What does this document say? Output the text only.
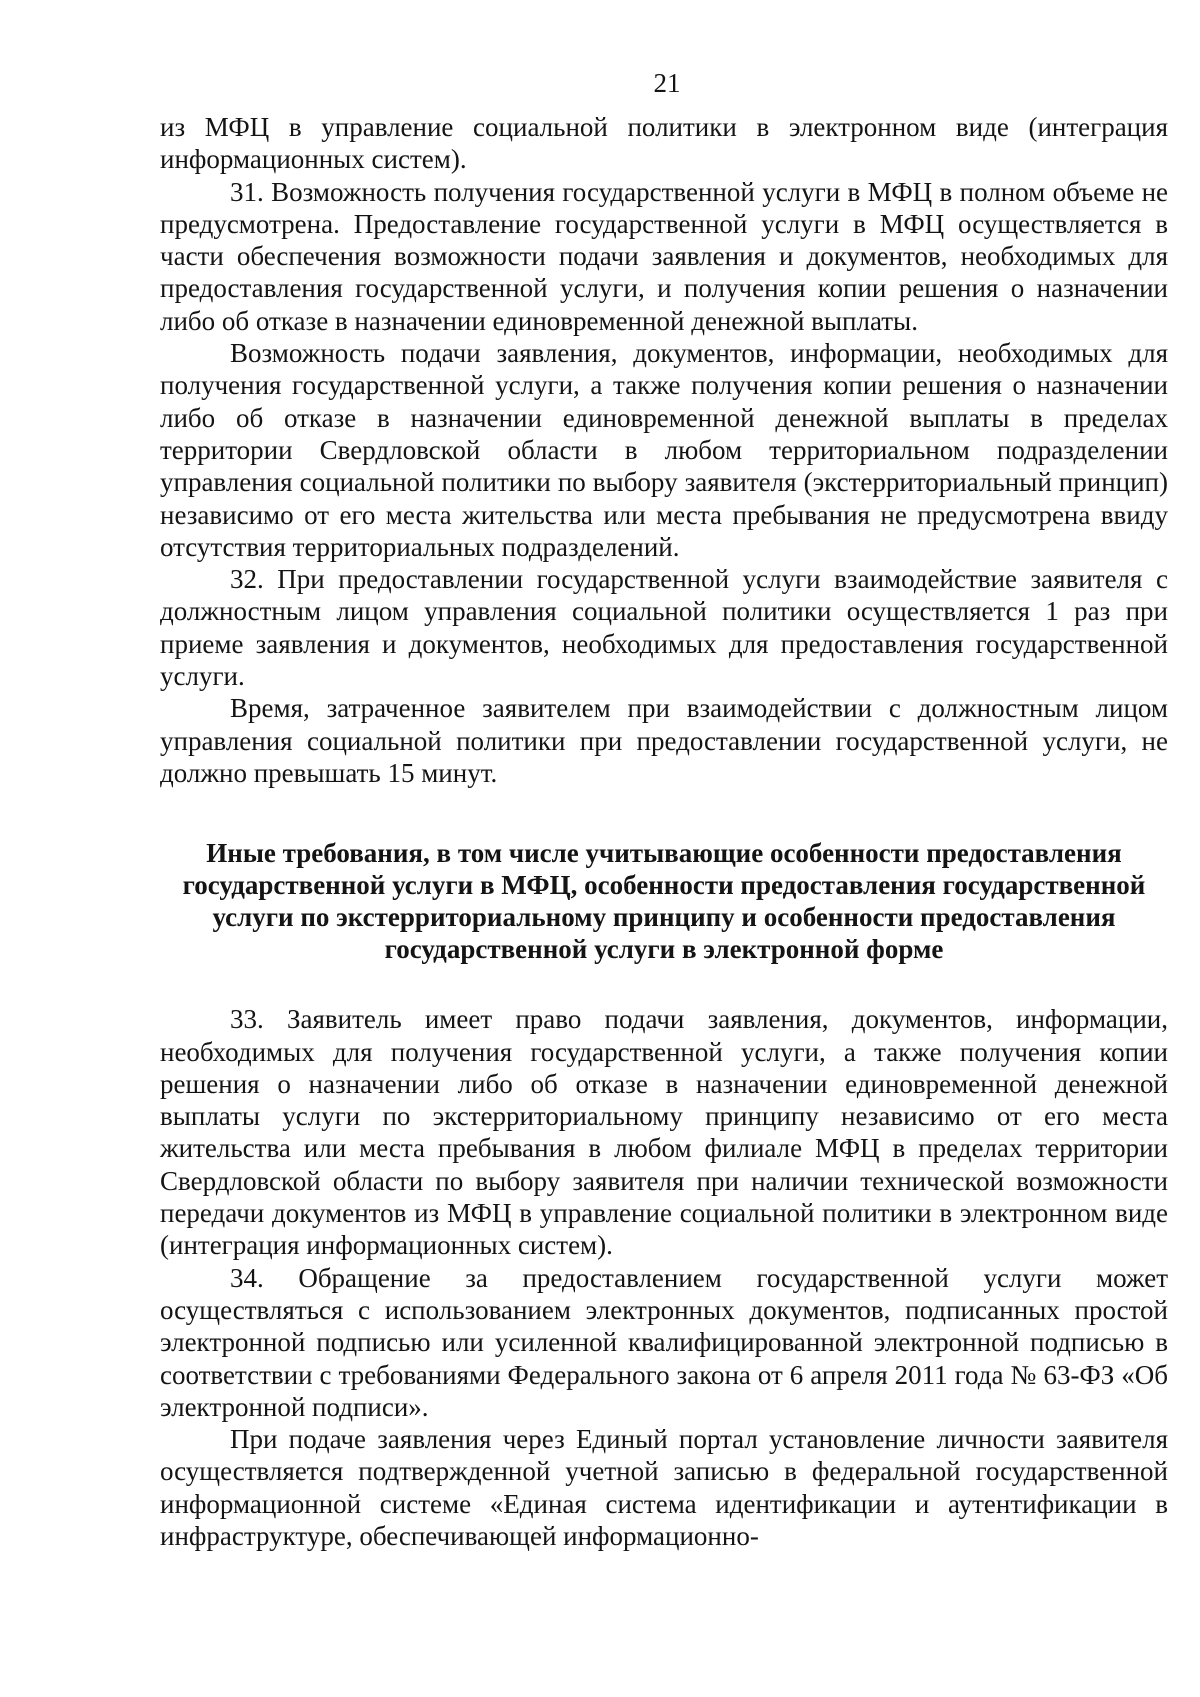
21

из МФЦ в управление социальной политики в электронном виде (интеграция информационных систем).

31. Возможность получения государственной услуги в МФЦ в полном объеме не предусмотрена. Предоставление государственной услуги в МФЦ осуществляется в части обеспечения возможности подачи заявления и документов, необходимых для предоставления государственной услуги, и получения копии решения о назначении либо об отказе в назначении единовременной денежной выплаты.

Возможность подачи заявления, документов, информации, необходимых для получения государственной услуги, а также получения копии решения о назначении либо об отказе в назначении единовременной денежной выплаты в пределах территории Свердловской области в любом территориальном подразделении управления социальной политики по выбору заявителя (экстерриториальный принцип) независимо от его места жительства или места пребывания не предусмотрена ввиду отсутствия территориальных подразделений.

32. При предоставлении государственной услуги взаимодействие заявителя с должностным лицом управления социальной политики осуществляется 1 раз при приеме заявления и документов, необходимых для предоставления государственной услуги.

Время, затраченное заявителем при взаимодействии с должностным лицом управления социальной политики при предоставлении государственной услуги, не должно превышать 15 минут.

Иные требования, в том числе учитывающие особенности предоставления государственной услуги в МФЦ, особенности предоставления государственной услуги по экстерриториальному принципу и особенности предоставления государственной услуги в электронной форме

33. Заявитель имеет право подачи заявления, документов, информации, необходимых для получения государственной услуги, а также получения копии решения о назначении либо об отказе в назначении единовременной денежной выплаты услуги по экстерриториальному принципу независимо от его места жительства или места пребывания в любом филиале МФЦ в пределах территории Свердловской области по выбору заявителя при наличии технической возможности передачи документов из МФЦ в управление социальной политики в электронном виде (интеграция информационных систем).

34. Обращение за предоставлением государственной услуги может осуществляться с использованием электронных документов, подписанных простой электронной подписью или усиленной квалифицированной электронной подписью в соответствии с требованиями Федерального закона от 6 апреля 2011 года № 63-ФЗ «Об электронной подписи».

При подаче заявления через Единый портал установление личности заявителя осуществляется подтвержденной учетной записью в федеральной государственной информационной системе «Единая система идентификации и аутентификации в инфраструктуре, обеспечивающей информационно-
